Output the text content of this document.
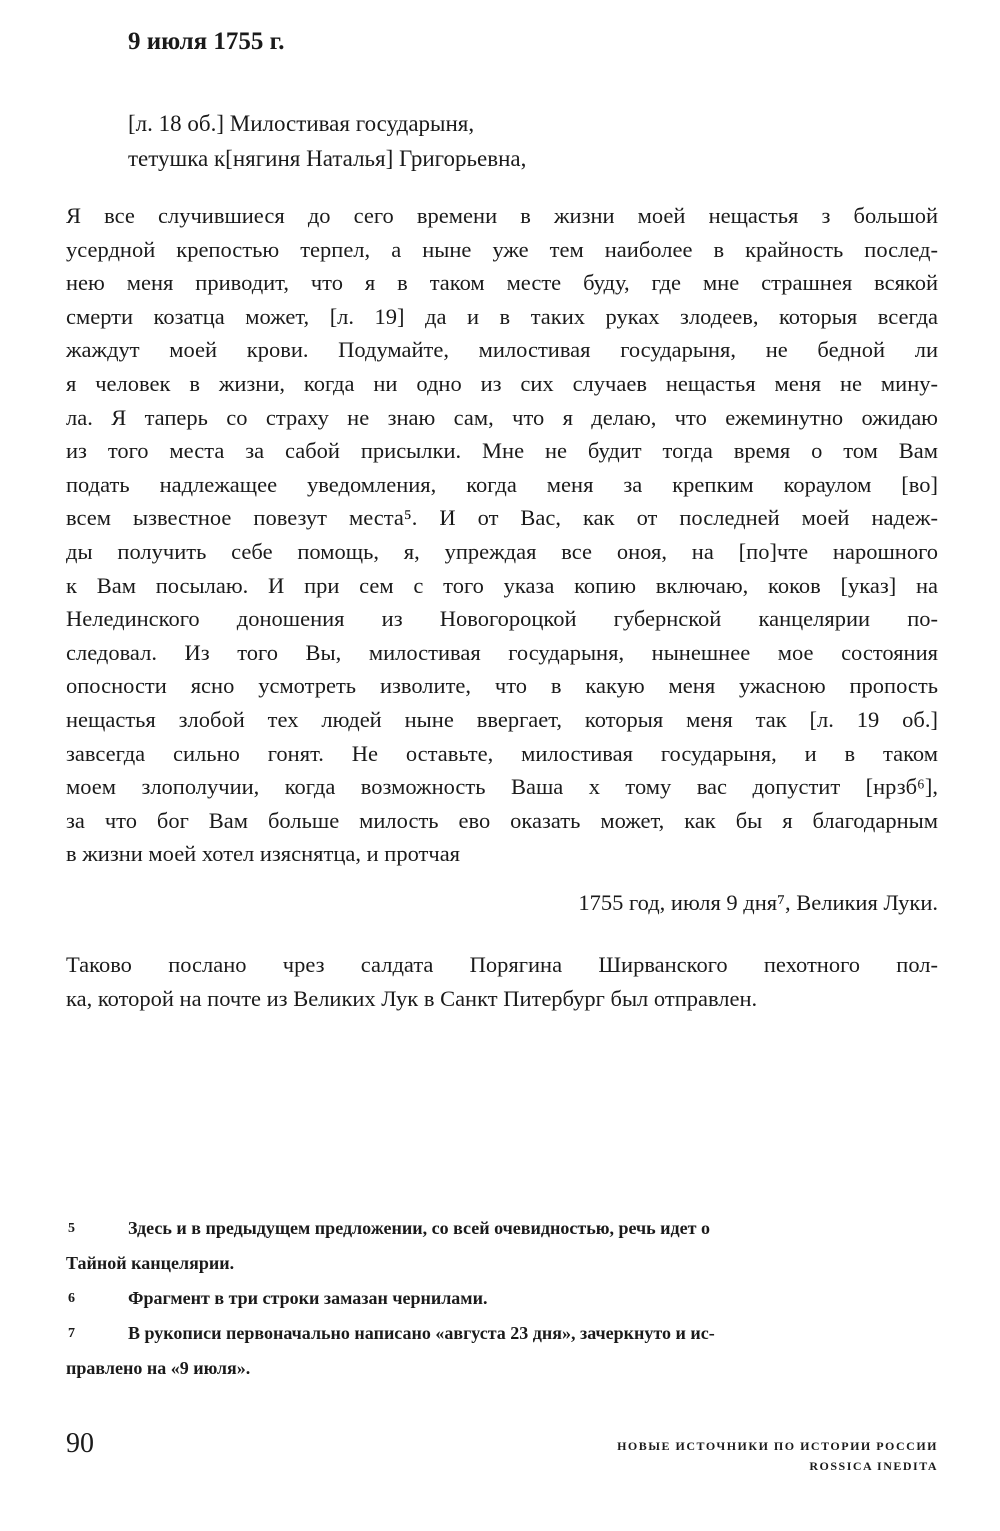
9 июля 1755 г.
[л. 18 об.] Милостивая государыня,
тетушка к[нягиня Наталья] Григорьевна,
Я все случившиеся до сего времени в жизни моей нещастья з большой
усердной крепостью терпел, а ныне уже тем наиболее в крайность послед-
нею меня приводит, что я в таком месте буду, где мне страшнея всякой
смерти козатца может, [л. 19] да и в таких руках злодеев, которыя всегда
жаждут моей крови. Подумайте, милостивая государыня, не бедной ли
я человек в жизни, когда ни одно из сих случаев нещастья меня не мину-
ла. Я таперь со страху не знаю сам, что я делаю, что ежеминутно ожидаю
из того места за сабой присылки. Мне не будит тогда время о том Вам
подать надлежащее уведомления, когда меня за крепким кораулом [во]
всем ызвестное повезут места⁵. И от Вас, как от последней моей надеж-
ды получить себе помощь, я, упреждая все оноя, на [по]чте нарошного
к Вам посылаю. И при сем с того указа копию включаю, коков [указ] на
Нелединского доношения из Новогороцкой губернской канцелярии по-
следовал. Из того Вы, милостивая государыня, нынешнее мое состояния
опосности ясно усмотреть изволите, что в какую меня ужасною пропость
нещастья злобой тех людей ныне ввергает, которыя меня так [л. 19 об.]
завсегда сильно гонят. Не оставьте, милостивая государыня, и в таком
моем злополучии, когда возможность Ваша х тому вас допустит [нрзб⁶],
за что бог Вам больше милость ево оказать может, как бы я благодарным
в жизни моей хотел изяснятца, и протчая
1755 год, июля 9 дня⁷, Великия Луки.
Таково послано чрез салдата Порягина Ширванского пехотного пол-
ка, которой на почте из Великих Лук в Санкт Питербург был отправлен.
5	Здесь и в предыдущем предложении, со всей очевидностью, речь идет о
Тайной канцелярии.
6	Фрагмент в три строки замазан чернилами.
7	В рукописи первоначально написано «августа 23 дня», зачеркнуто и ис-
правлено на «9 июля».
90	НОВЫЕ ИСТОЧНИКИ ПО ИСТОРИИ РОССИИ
ROSSICA INEDITA
